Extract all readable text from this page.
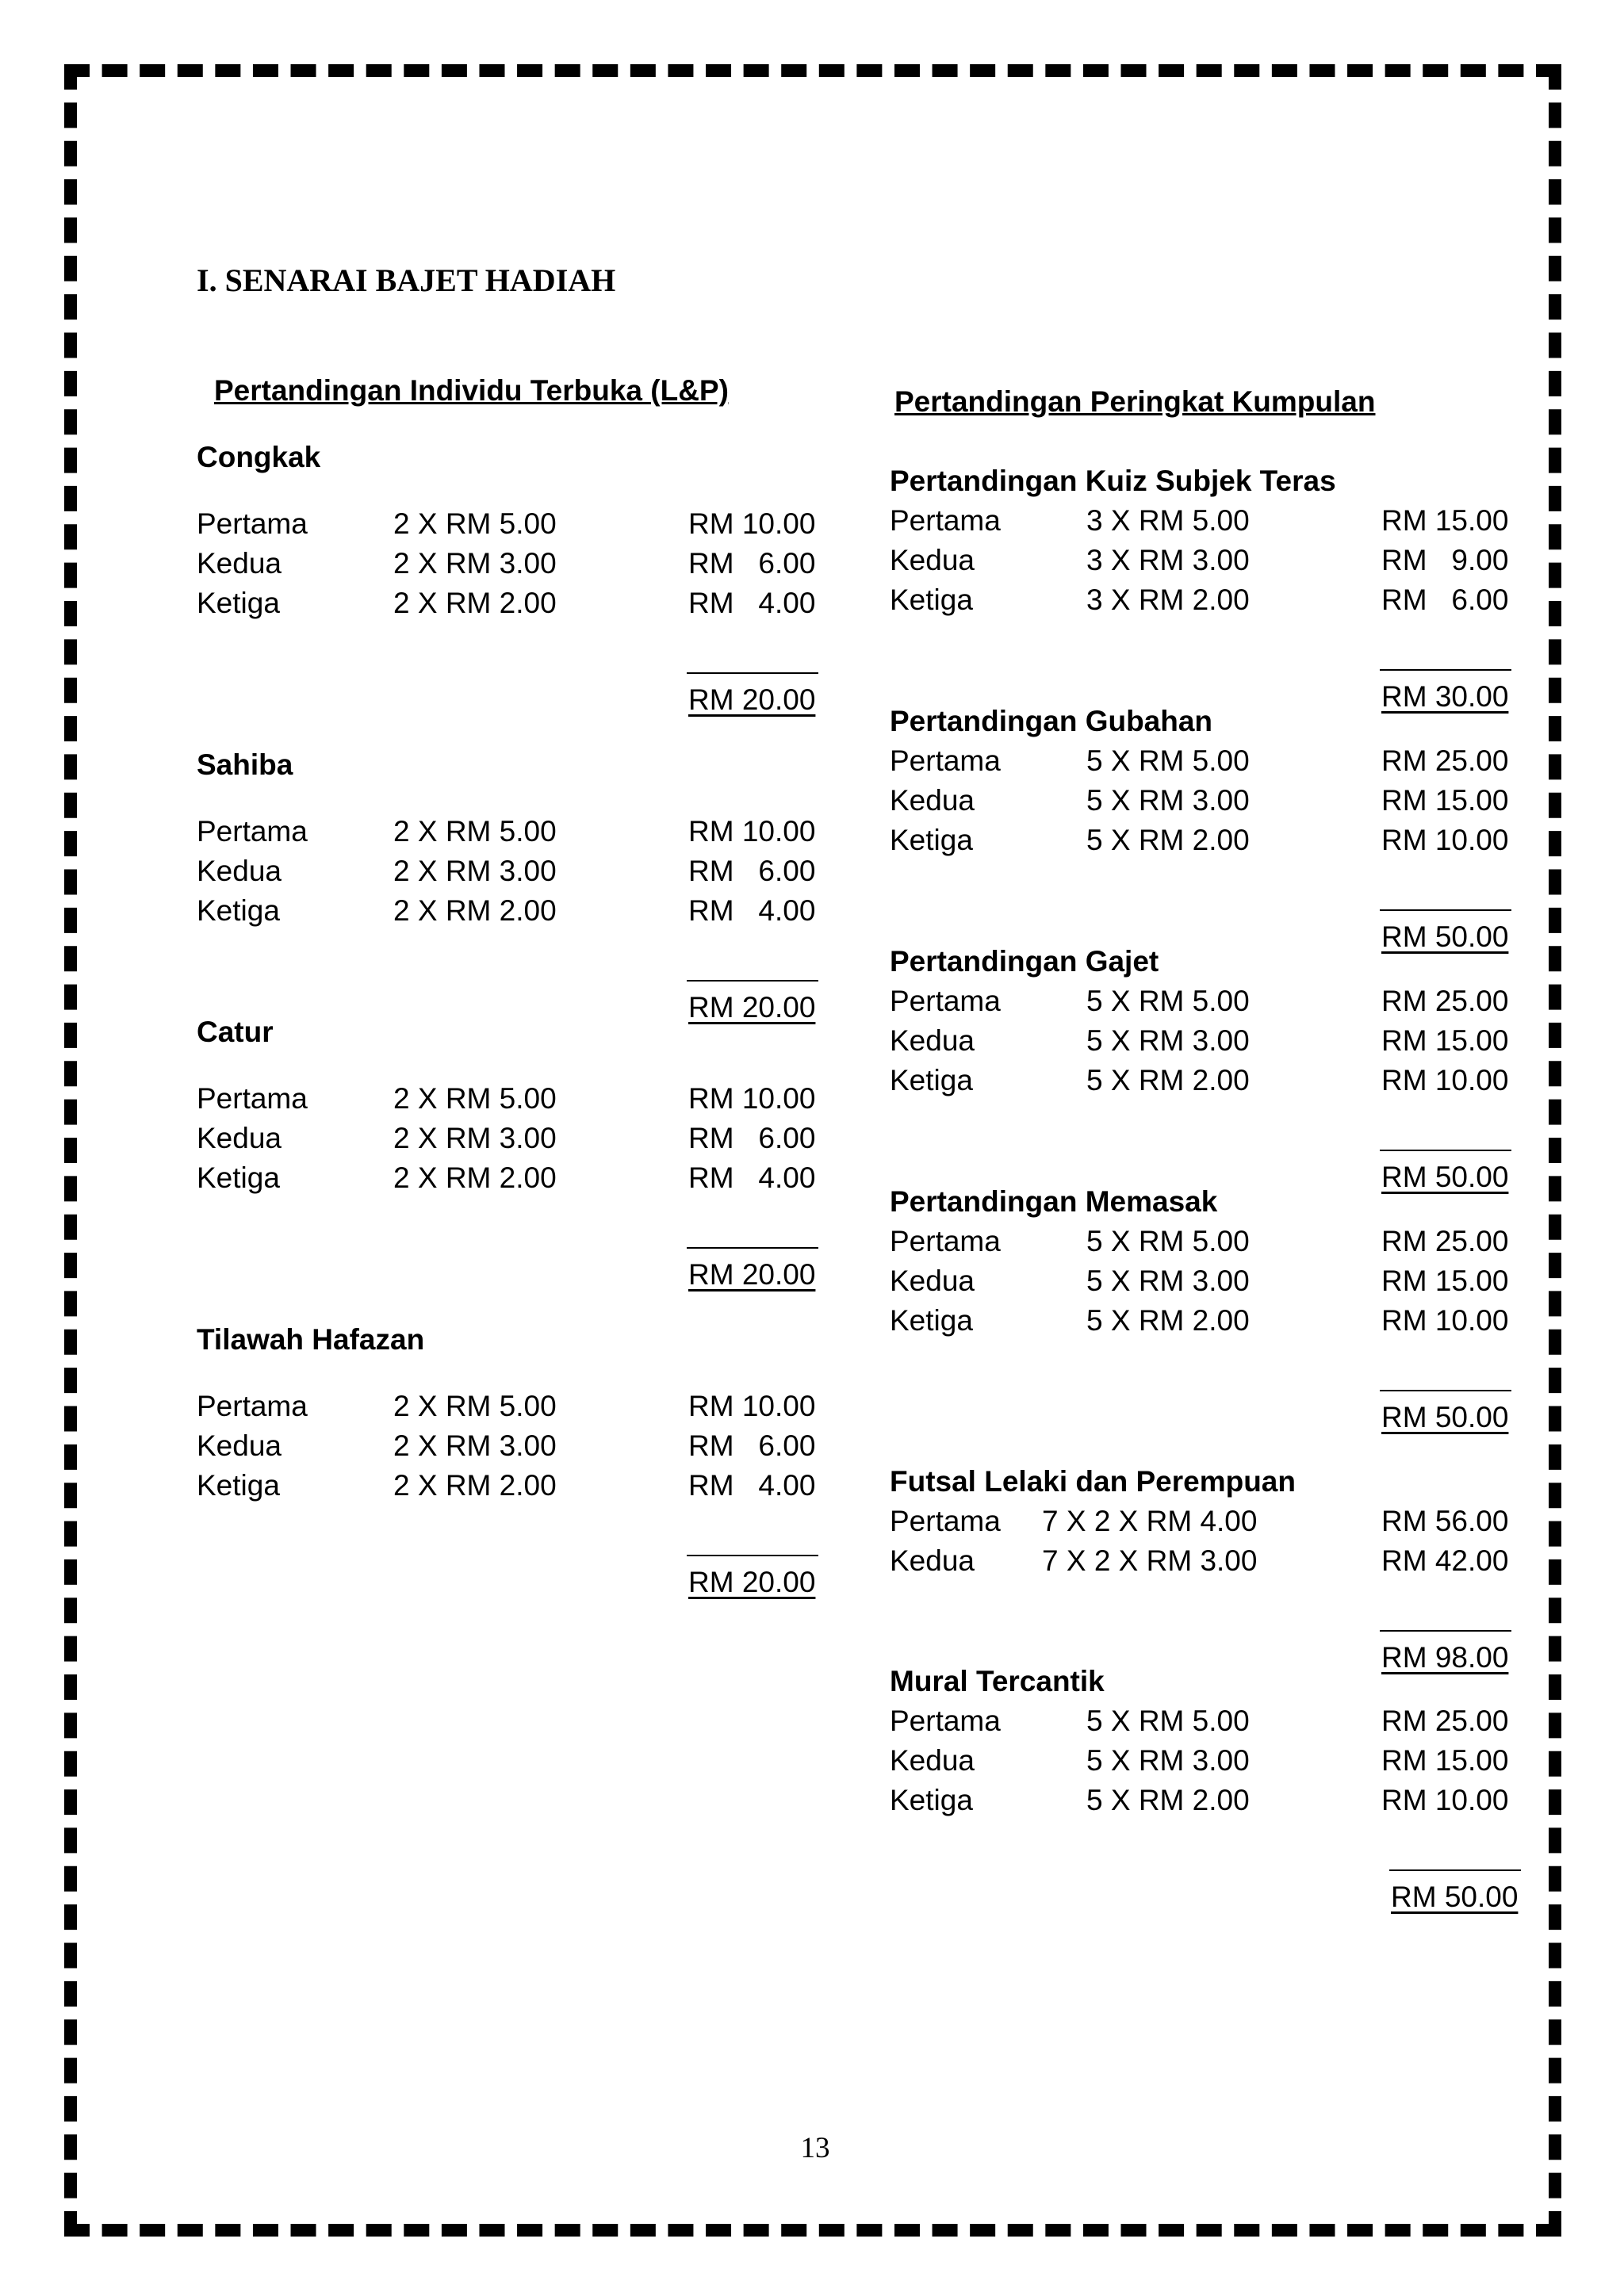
I. SENARAI BAJET HADIAH
Pertandingan Individu Terbuka (L&P)
Congkak
Pertama	2 X RM 5.00	RM 10.00
Kedua	2 X RM 3.00	RM   6.00
Ketiga	2 X RM 2.00	RM   4.00
RM 20.00
Sahiba
Pertama	2 X RM 5.00	RM 10.00
Kedua	2 X RM 3.00	RM   6.00
Ketiga	2 X RM 2.00	RM   4.00
RM 20.00
Catur
Pertama	2 X RM 5.00	RM 10.00
Kedua	2 X RM 3.00	RM   6.00
Ketiga	2 X RM 2.00	RM   4.00
RM 20.00
Tilawah Hafazan
Pertama	2 X RM 5.00	RM 10.00
Kedua	2 X RM 3.00	RM   6.00
Ketiga	2 X RM 2.00	RM   4.00
RM 20.00
Pertandingan Peringkat Kumpulan
Pertandingan Kuiz Subjek Teras
Pertama	3 X RM 5.00	RM 15.00
Kedua	3 X RM 3.00	RM   9.00
Ketiga	3 X RM 2.00	RM   6.00
RM 30.00
Pertandingan Gubahan
Pertama	5 X RM 5.00	RM 25.00
Kedua	5 X RM 3.00	RM 15.00
Ketiga	5 X RM 2.00	RM 10.00
RM 50.00
Pertandingan Gajet
Pertama	5 X RM 5.00	RM 25.00
Kedua	5 X RM 3.00	RM 15.00
Ketiga	5 X RM 2.00	RM 10.00
RM 50.00
Pertandingan Memasak
Pertama	5 X RM 5.00	RM 25.00
Kedua	5 X RM 3.00	RM 15.00
Ketiga	5 X RM 2.00	RM 10.00
RM 50.00
Futsal Lelaki dan Perempuan
Pertama 7 X 2 X RM 4.00	RM 56.00
Kedua 7 X 2 X RM 3.00	RM 42.00
RM 98.00
Mural Tercantik
Pertama	5 X RM 5.00	RM 25.00
Kedua	5 X RM 3.00	RM 15.00
Ketiga	5 X RM 2.00	RM 10.00
RM 50.00
13
